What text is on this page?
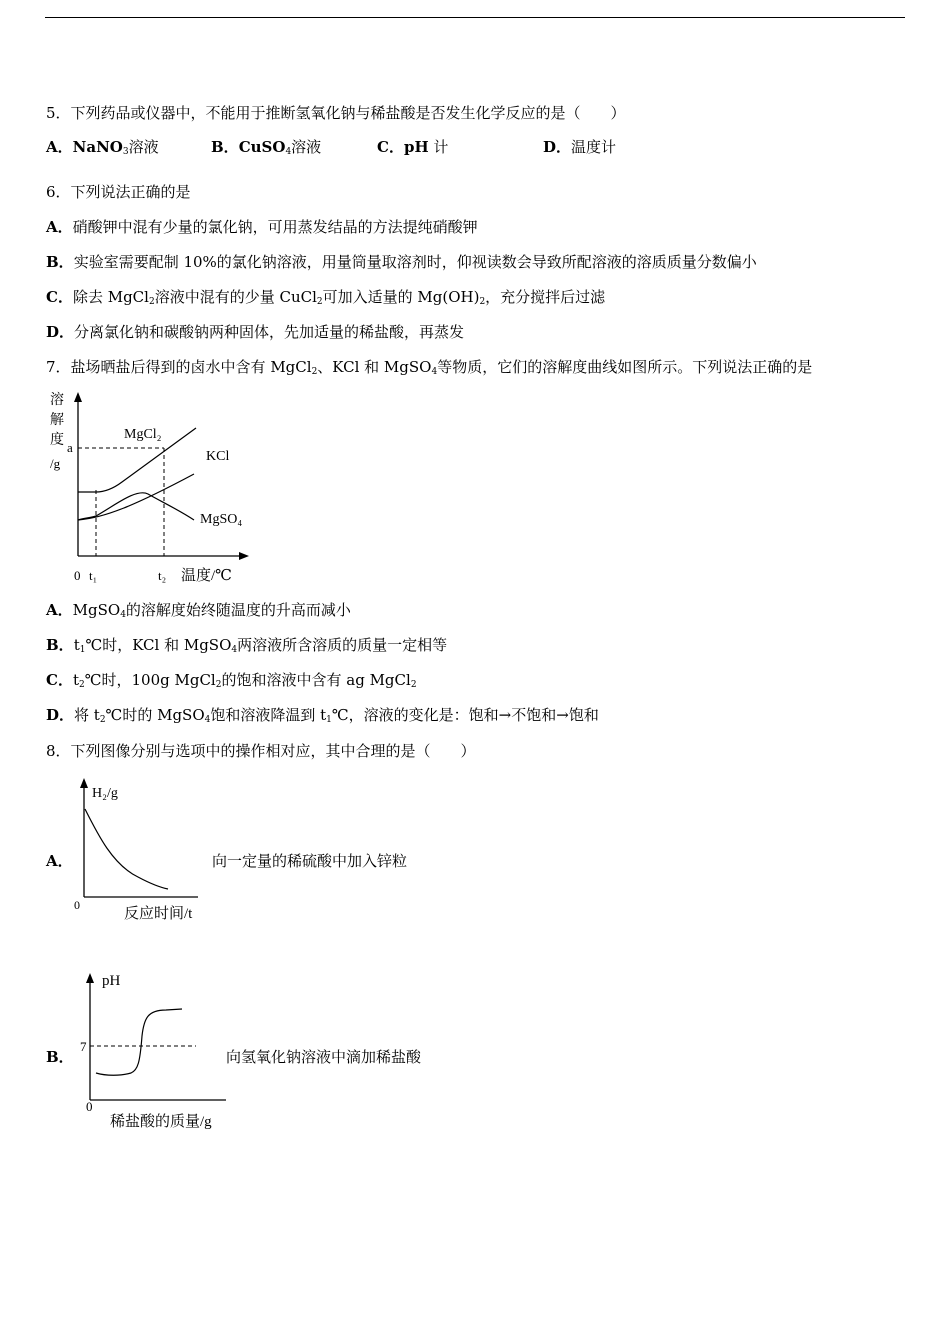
5．下列药品或仪器中，不能用于推断氢氧化钠与稀盐酸是否发生化学反应的是（　　）
A．NaNO$_3$溶液	B．CuSO$_4$溶液	C．pH 计	D．温度计
6．下列说法正确的是
A．硝酸钾中混有少量的氯化钠，可用蒸发结晶的方法提纯硝酸钾
B．实验室需要配制 10%的氯化钠溶液，用量筒量取溶剂时，仰视读数会导致所配溶液的溶质质量分数偏小
C．除去 MgCl$_2$溶液中混有的少量 CuCl$_2$可加入适量的 $Mg(OH)_2$，充分搅拌后过滤
D．分离氯化钠和碳酸钠两种固体，先加适量的稀盐酸，再蒸发
7．盐场晒盐后得到的卤水中含有 MgCl$_2$、KCl 和 MgSO$_4$等物质，它们的溶解度曲线如图所示。下列说法正确的是
溶
解
度
/g
a
MgCl₂
KCl
MgSO₄
0 t₁	t₂ 温度/℃
A．MgSO$_4$的溶解度始终随温度的升高而减小
B．$t_1℃$时，KCl 和 MgSO$_4$两溶液所含溶质的质量一定相等
C．$t_2℃$时，100g MgCl$_2$的饱和溶液中含有 ag MgCl$_2$
D．将 $t_2℃$时的 MgSO$_4$饱和溶液降温到 $t_1℃$，溶液的变化是：饱和→不饱和→饱和
8．下列图像分别与选项中的操作相对应，其中合理的是（　　）
A．
H₂/g
0
反应时间/t
向一定量的稀硫酸中加入锌粒
B．
pH
7
0
稀盐酸的质量/g
向氢氧化钠溶液中滴加稀盐酸
